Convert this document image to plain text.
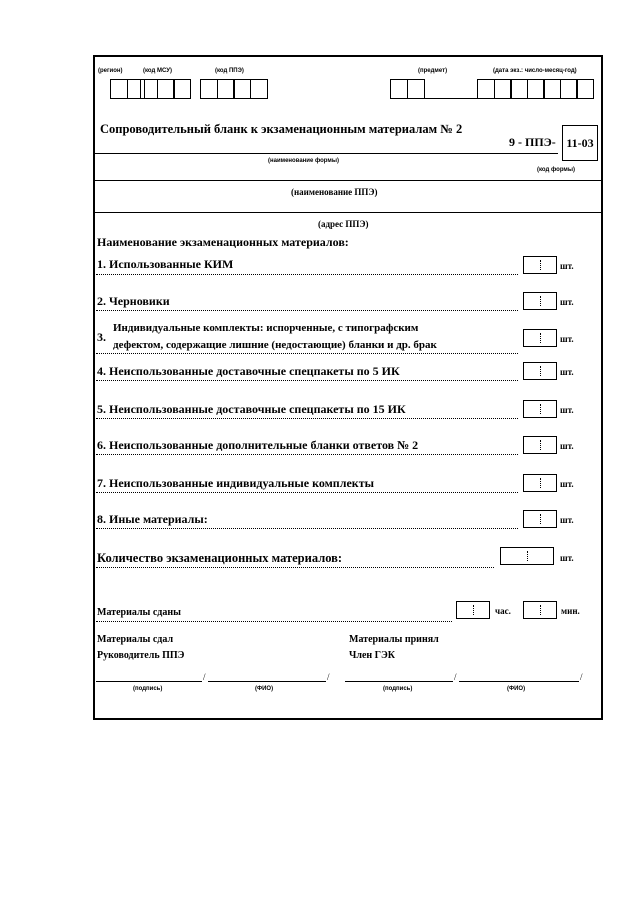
(регион)	(код МСУ)	(код ППЭ)	(предмет)	(дата экз.: число-месяц-год)
Сопроводительный бланк к экзаменационным материалам № 2
9 - ППЭ- 11-03
(наименование формы)
(код формы)
(наименование ППЭ)
(адрес ППЭ)
Наименование экзаменационных материалов:
1. Использованные КИМ	шт.
2. Черновики	шт.
3.
Индивидуальные комплекты: испорченные, с типографским
дефектом, содержащие лишние (недостающие) бланки и др. брак	шт.
4. Неиспользованные доставочные спецпакеты по 5 ИК	шт.
5. Неиспользованные доставочные спецпакеты по 15 ИК	шт.
6. Неиспользованные дополнительные бланки ответов № 2	шт.
7. Неиспользованные индивидуальные комплекты	шт.
8. Иные материалы:	шт.
Количество экзаменационных материалов:	шт.
Материалы сданы	час.	мин.
Материалы сдал
Руководитель ППЭ
Материалы принял
Член ГЭК
/	/	/	/
(подпись)	(ФИО)	(подпись)	(ФИО)
